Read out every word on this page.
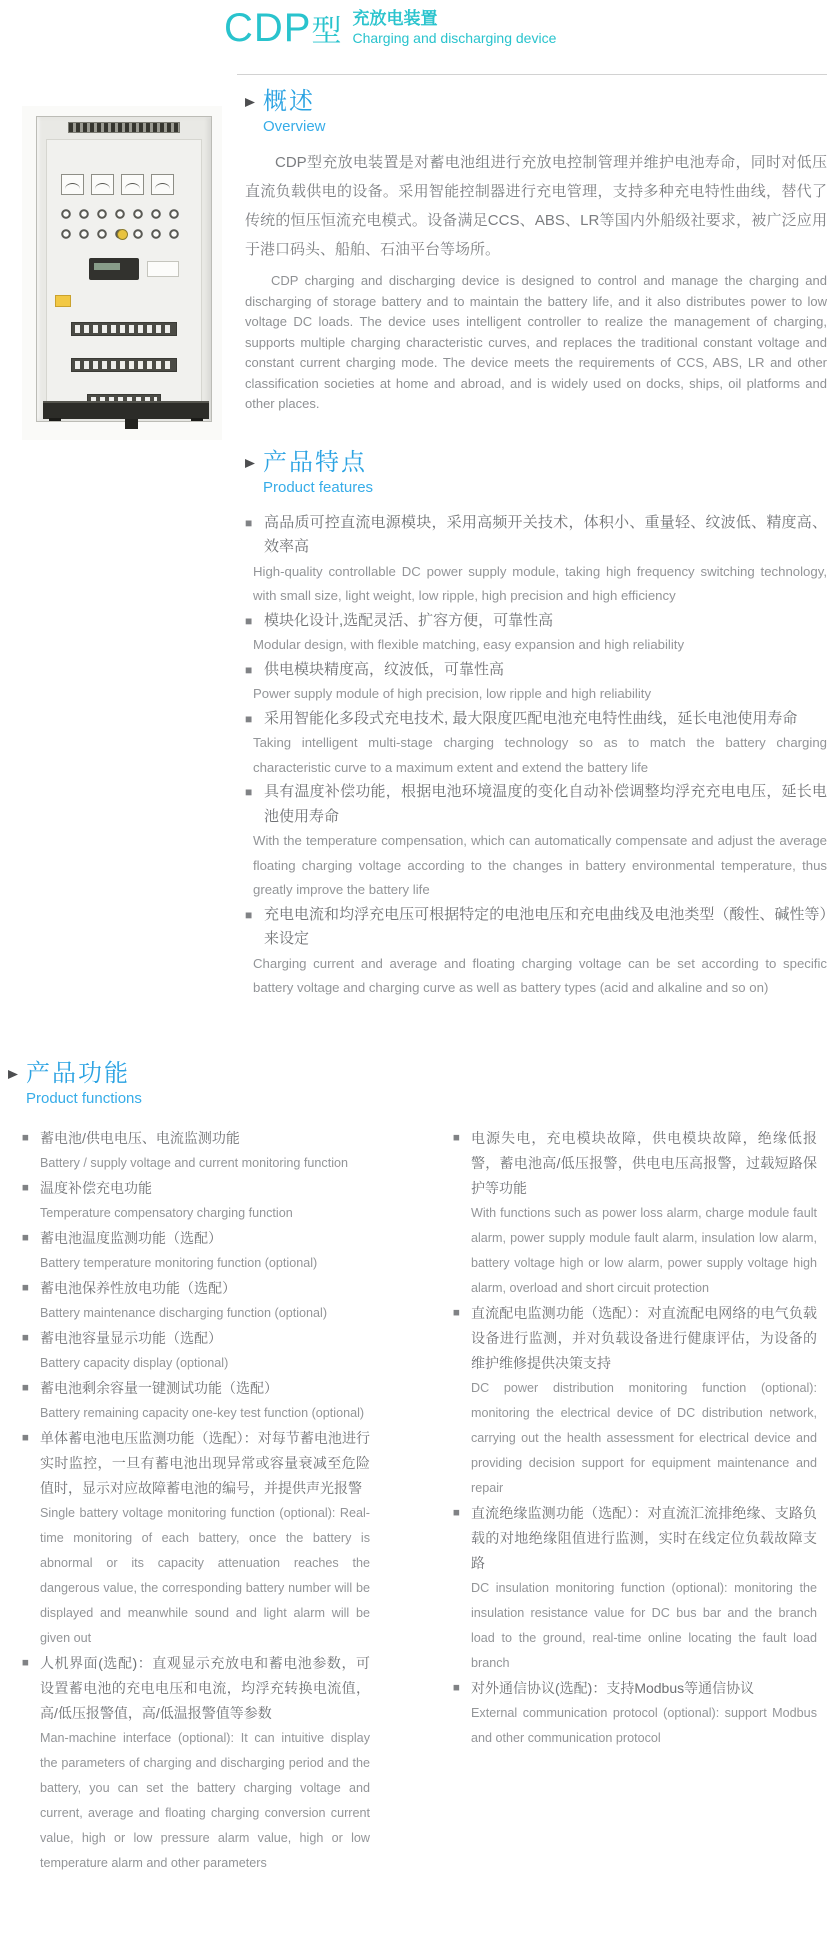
CDP型 充放电装置
Charging and discharging device
▶ 概述
Overview
CDP型充放电装置是对蓄电池组进行充放电控制管理并维护电池寿命，同时对低压直流负载供电的设备。采用智能控制器进行充电管理，支持多种充电特性曲线，替代了传统的恒压恒流充电模式。设备满足CCS、ABS、LR等国内外船级社要求，被广泛应用于港口码头、船舶、石油平台等场所。
CDP charging and discharging device is designed to control and manage the charging and discharging of storage battery and to maintain the battery life, and it also distributes power to low voltage DC loads. The device uses intelligent controller to realize the management of charging, supports multiple charging characteristic curves, and replaces the traditional constant voltage and constant current charging mode. The device meets the requirements of CCS, ABS, LR and other classification societies at home and abroad, and is widely used on docks, ships, oil platforms and other places.
▶ 产品特点
Product features
■ 高品质可控直流电源模块，采用高频开关技术，体积小、重量轻、纹波低、精度高、效率高
High-quality controllable DC power supply module, taking high frequency switching technology, with small size, light weight, low ripple, high precision and high efficiency
■ 模块化设计,选配灵活、扩容方便，可靠性高
Modular design, with flexible matching, easy expansion and high reliability
■ 供电模块精度高，纹波低，可靠性高
Power supply module of high precision, low ripple and high reliability
■ 采用智能化多段式充电技术, 最大限度匹配电池充电特性曲线，延长电池使用寿命
Taking intelligent multi-stage charging technology so as to match the battery charging characteristic curve to a maximum extent and extend the battery life
■ 具有温度补偿功能，根据电池环境温度的变化自动补偿调整均浮充充电电压，延长电池使用寿命
With the temperature compensation, which can automatically compensate and adjust the average floating charging voltage according to the changes in battery environmental temperature, thus greatly improve the battery life
■ 充电电流和均浮充电压可根据特定的电池电压和充电曲线及电池类型（酸性、碱性等）来设定
Charging current and average and floating charging voltage can be set according to specific battery voltage and charging curve as well as battery types (acid and alkaline and so on)
▶ 产品功能
Product functions
■ 蓄电池/供电电压、电流监测功能
Battery / supply voltage and current monitoring function
■ 温度补偿充电功能
Temperature compensatory charging function
■ 蓄电池温度监测功能（选配）
Battery temperature monitoring function (optional)
■ 蓄电池保养性放电功能（选配）
Battery maintenance discharging function (optional)
■ 蓄电池容量显示功能（选配）
Battery capacity display (optional)
■ 蓄电池剩余容量一键测试功能（选配）
Battery remaining capacity one-key test function (optional)
■ 单体蓄电池电压监测功能（选配）：对每节蓄电池进行实时监控，一旦有蓄电池出现异常或容量衰减至危险值时，显示对应故障蓄电池的编号，并提供声光报警
Single battery voltage monitoring function (optional): Real-time monitoring of each battery, once the battery is abnormal or its capacity attenuation reaches the dangerous value, the corresponding battery number will be displayed and meanwhile sound and light alarm will be given out
■ 人机界面(选配)：直观显示充放电和蓄电池参数，可设置蓄电池的充电电压和电流，均浮充转换电流值，高/低压报警值，高/低温报警值等参数
Man-machine interface (optional): It can intuitive display the parameters of charging and discharging period and the battery, you can set the battery charging voltage and current, average and floating charging conversion current value, high or low pressure alarm value, high or low temperature alarm and other parameters
■ 电源失电，充电模块故障，供电模块故障，绝缘低报警，蓄电池高/低压报警，供电电压高报警，过载短路保护等功能
With functions such as power loss alarm, charge module fault alarm, power supply module fault alarm, insulation low alarm, battery voltage high or low alarm, power supply voltage high alarm, overload and short circuit protection
■ 直流配电监测功能（选配）：对直流配电网络的电气负载设备进行监测，并对负载设备进行健康评估，为设备的维护维修提供决策支持
DC power distribution monitoring function (optional): monitoring the electrical device of DC distribution network, carrying out the health assessment for electrical device and providing decision support for equipment maintenance and repair
■ 直流绝缘监测功能（选配）：对直流汇流排绝缘、支路负载的对地绝缘阻值进行监测，实时在线定位负载故障支路
DC insulation monitoring function (optional): monitoring the insulation resistance value for DC bus bar and the branch load to the ground, real-time online locating the fault load branch
■ 对外通信协议(选配)：支持Modbus等通信协议
External communication protocol (optional): support Modbus and other communication protocol
